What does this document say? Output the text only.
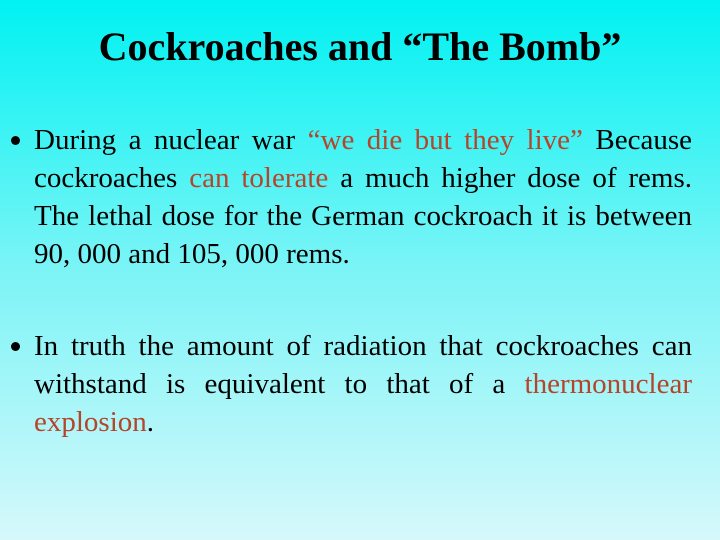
Cockroaches and “The Bomb”
During a nuclear war “we die but they live” Because cockroaches can tolerate a much higher dose of rems. The lethal dose for the German cockroach it is between 90, 000 and 105, 000 rems.
In truth the amount of radiation that cockroaches can withstand is equivalent to that of a thermonuclear explosion.
